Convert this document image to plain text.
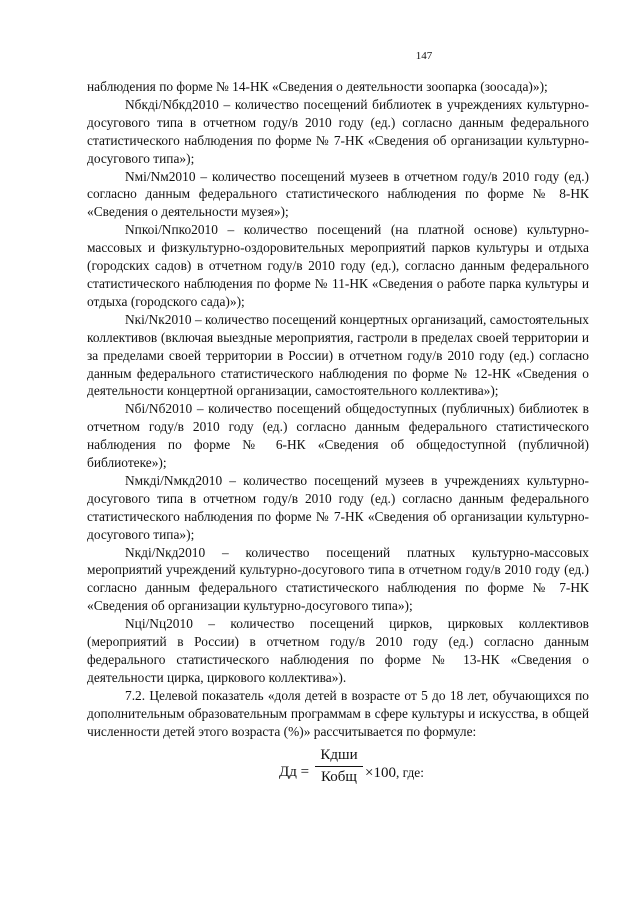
147

наблюдения по форме № 14-НК «Сведения о деятельности зоопарка (зоосада)»);

Nбкдi/Nбкд2010 – количество посещений библиотек в учреждениях культурно-досугового типа в отчетном году/в 2010 году (ед.) согласно данным федерального статистического наблюдения по форме № 7-НК «Сведения об организации культурно-досугового типа»);

Nмi/Nм2010 – количество посещений музеев в отчетном году/в 2010 году (ед.) согласно данным федерального статистического наблюдения по форме № 8-НК «Сведения о деятельности музея»);

Nпкоi/Nпко2010 – количество посещений (на платной основе) культурно-массовых и физкультурно-оздоровительных мероприятий парков культуры и отдыха (городских садов) в отчетном году/в 2010 году (ед.), согласно данным федерального статистического наблюдения по форме № 11-НК «Сведения о работе парка культуры и отдыха (городского сада)»);

Nкi/Nк2010 – количество посещений концертных организаций, самостоятельных коллективов (включая выездные мероприятия, гастроли в пределах своей территории и за пределами своей территории в России) в отчетном году/в 2010 году (ед.) согласно данным федерального статистического наблюдения по форме № 12-НК «Сведения о деятельности концертной организации, самостоятельного коллектива»);

Nбi/Nб2010 – количество посещений общедоступных (публичных) библиотек в отчетном году/в 2010 году (ед.) согласно данным федерального статистического наблюдения по форме № 6-НК «Сведения об общедоступной (публичной) библиотеке»);

Nмкдi/Nмкд2010 – количество посещений музеев в учреждениях культурно-досугового типа в отчетном году/в 2010 году (ед.) согласно данным федерального статистического наблюдения по форме № 7-НК «Сведения об организации культурно-досугового типа»);

Nкдi/Nкд2010 – количество посещений платных культурно-массовых мероприятий учреждений культурно-досугового типа в отчетном году/в 2010 году (ед.) согласно данным федерального статистического наблюдения по форме № 7-НК «Сведения об организации культурно-досугового типа»);

Nцi/Nц2010 – количество посещений цирков, цирковых коллективов (мероприятий в России) в отчетном году/в 2010 году (ед.) согласно данным федерального статистического наблюдения по форме № 13-НК «Сведения о деятельности цирка, циркового коллектива»).

7.2. Целевой показатель «доля детей в возрасте от 5 до 18 лет, обучающихся по дополнительным образовательным программам в сфере культуры и искусства, в общей численности детей этого возраста (%)» рассчитывается по формуле:

Дд =
Кдши
Кобщ ×100, где:
